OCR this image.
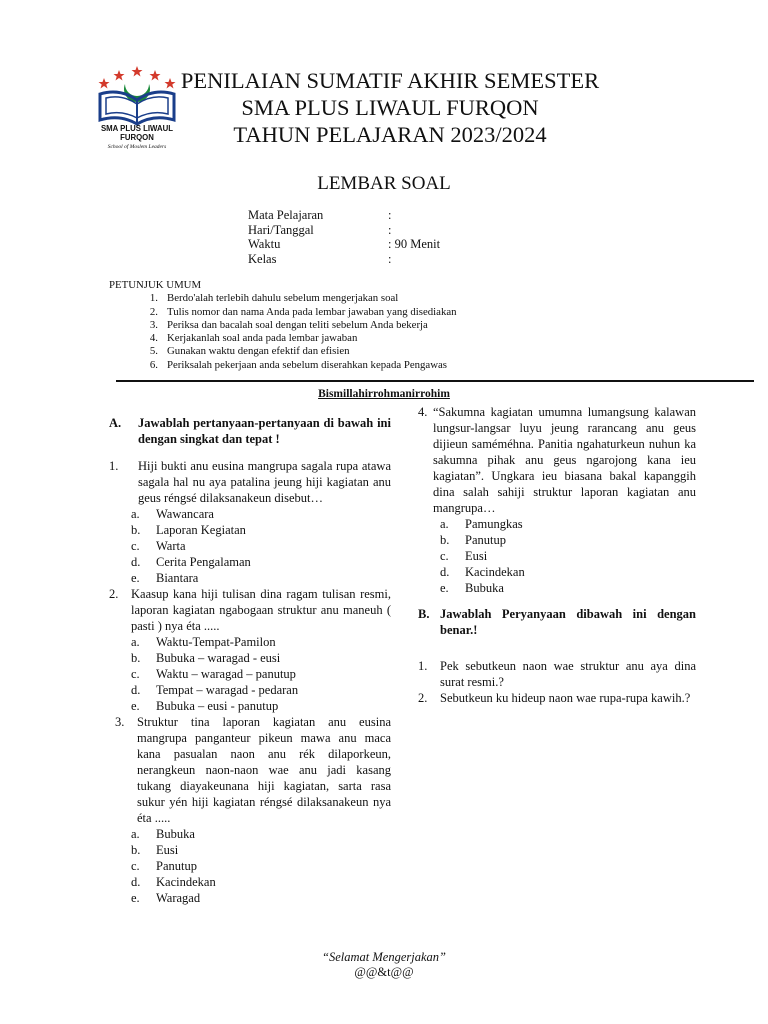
SMA PLUS LIWAUL FURQON
School of Moslem Leaders
PENILAIAN SUMATIF AKHIR SEMESTER
SMA PLUS LIWAUL FURQON
TAHUN PELAJARAN 2023/2024
LEMBAR SOAL
Mata Pelajaran	:
Hari/Tanggal	:
Waktu	: 90 Menit
Kelas	:
PETUNJUK UMUM
1. Berdo'alah terlebih dahulu sebelum mengerjakan soal
2. Tulis nomor dan nama Anda pada lembar jawaban yang disediakan
3. Periksa dan bacalah soal dengan teliti sebelum Anda bekerja
4. Kerjakanlah soal anda pada lembar jawaban
5. Gunakan waktu dengan efektif dan efisien
6. Periksalah pekerjaan anda sebelum diserahkan kepada Pengawas
Bismillahirrohmanirrohim
A.	Jawablah pertanyaan-pertanyaan di bawah ini dengan singkat dan tepat !
1.	Hiji bukti anu eusina mangrupa sagala rupa atawa sagala hal nu aya patalina jeung hiji kagiatan anu geus réngsé dilaksanakeun disebut…
a.	Wawancara
b.	Laporan Kegiatan
c.	Warta
d.	Cerita Pengalaman
e.	Biantara
2.	Kaasup kana hiji tulisan dina ragam tulisan resmi, laporan kagiatan ngabogaan struktur anu maneuh ( pasti ) nya éta .....
a.	Waktu-Tempat-Pamilon
b.	Bubuka – waragad - eusi
c.	Waktu – waragad – panutup
d.	Tempat – waragad - pedaran
e.	Bubuka – eusi - panutup
3.	Struktur tina laporan kagiatan anu eusina mangrupa panganteur pikeun mawa anu maca kana pasualan naon anu rék dilaporkeun, nerangkeun naon-naon wae anu jadi kasang tukang diayakeunana hiji kagiatan, sarta rasa sukur yén hiji kagiatan réngsé dilaksanakeun nya éta .....
a.	Bubuka
b.	Eusi
c.	Panutup
d.	Kacindekan
e.	Waragad
4. “Sakumna kagiatan umumna lumangsung kalawan lungsur-langsar luyu jeung rarancang anu geus dijieun saméméhna. Panitia ngahaturkeun nuhun ka sakumna pihak anu geus ngarojong kana ieu kagiatan”. Ungkara ieu biasana bakal kapanggih dina salah sahiji struktur laporan kagiatan anu mangrupa…
a.	Pamungkas
b.	Panutup
c.	Eusi
d.	Kacindekan
e.	Bubuka
B. Jawablah Peryanyaan dibawah ini dengan benar.!
1.	Pek sebutkeun naon wae struktur anu aya dina surat resmi.?
2.	Sebutkeun ku hideup naon wae rupa-rupa kawih.?
“Selamat Mengerjakan”
@@&t@@
